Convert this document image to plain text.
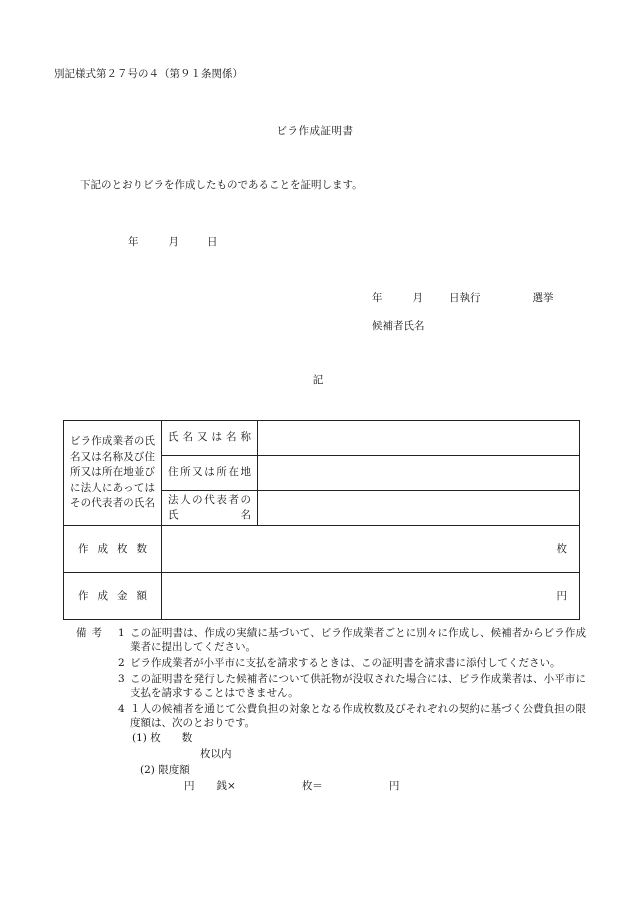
別記様式第２７号の４（第９１条関係）
ビラ作成証明書
下記のとおりビラを作成したものであることを証明します。
年	月	日
年	月 日執行	選挙
候補者氏名
記
ビラ作成業者の氏名又は名称及び住所又は所在地並びに法人にあってはその代表者の氏名	氏名又は名称	
	住所又は所在地	
	法人の代表者の氏名	
作成枚数	枚	
作成金額	円	
備考 1 この証明書は、作成の実績に基づいて、ビラ作成業者ごとに別々に作成し、候補者からビラ作成業者に提出してください。
2 ビラ作成業者が小平市に支払を請求するときは、この証明書を請求書に添付してください。
3 この証明書を発行した候補者について供託物が没収された場合には、ビラ作成業者は、小平市に支払を請求することはできません。
4 １人の候補者を通じて公費負担の対象となる作成枚数及びそれぞれの契約に基づく公費負担の限度額は、次のとおりです。
(1) 枚　　数
枚以内
(2) 限度額
円 銭×	枚＝	円
